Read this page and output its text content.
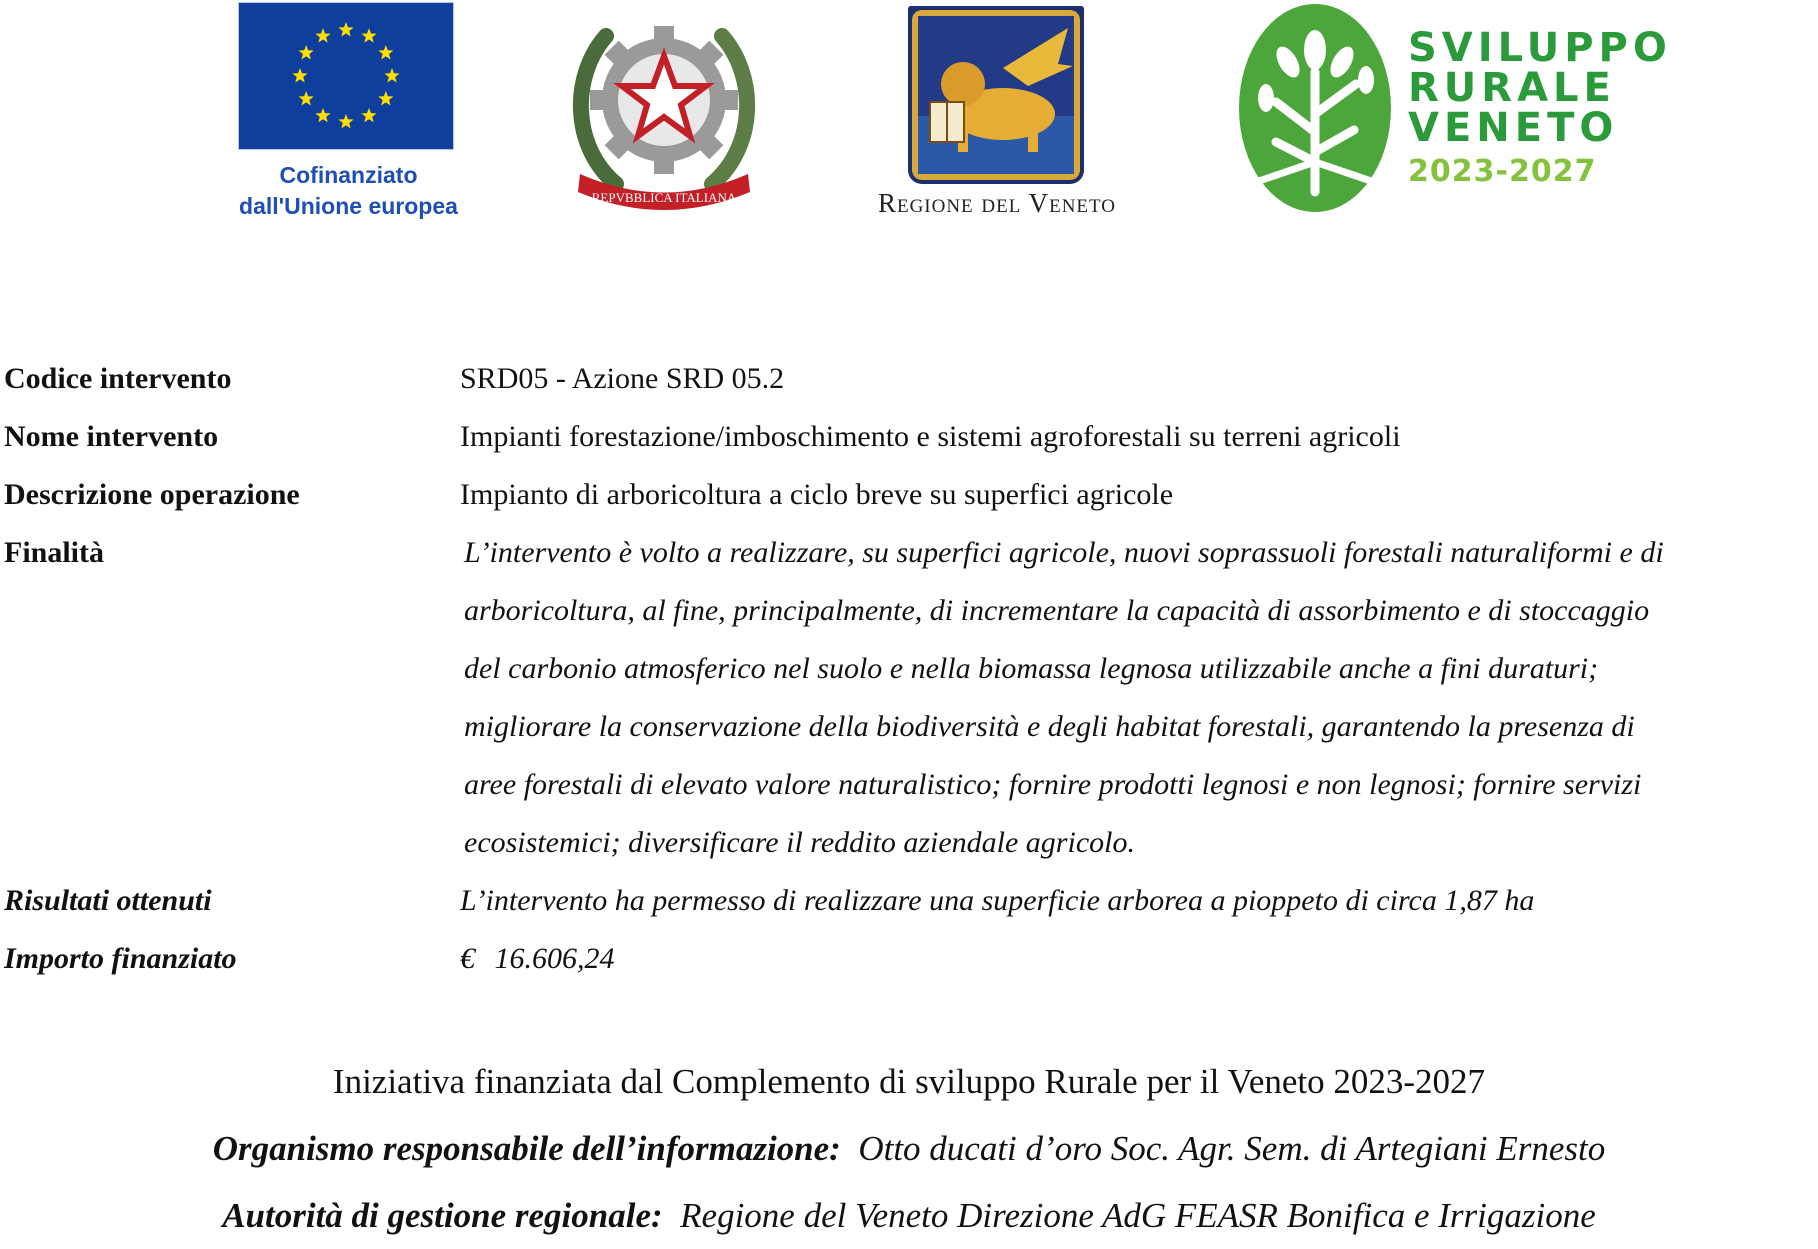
Cofinanziato
dall'Unione europea	REPVBBLICA ITALIANA	Regione del Veneto
SVILUPPO
RURALE
VENETO
2023-2027
Codice intervento	SRD05 - Azione SRD 05.2
Nome intervento	Impianti forestazione/imboschimento e sistemi agroforestali su terreni agricoli
Descrizione operazione	Impianto di arboricoltura a ciclo breve su superfici agricole
Finalità	L’intervento è volto a realizzare, su superfici agricole, nuovi soprassuoli forestali naturaliformi e di
arboricoltura, al fine, principalmente, di incrementare la capacità di assorbimento e di stoccaggio
del carbonio atmosferico nel suolo e nella biomassa legnosa utilizzabile anche a fini duraturi;
migliorare la conservazione della biodiversità e degli habitat forestali, garantendo la presenza di
aree forestali di elevato valore naturalistico; fornire prodotti legnosi e non legnosi; fornire servizi
ecosistemici; diversificare il reddito aziendale agricolo.
Risultati ottenuti	L’intervento ha permesso di realizzare una superficie arborea a pioppeto di circa 1,87 ha
Importo finanziato	€ 16.606,24
Iniziativa finanziata dal Complemento di sviluppo Rurale per il Veneto 2023-2027
Organismo responsabile dell’informazione: Otto ducati d’oro Soc. Agr. Sem. di Artegiani Ernesto
Autorità di gestione regionale: Regione del Veneto Direzione AdG FEASR Bonifica e Irrigazione
